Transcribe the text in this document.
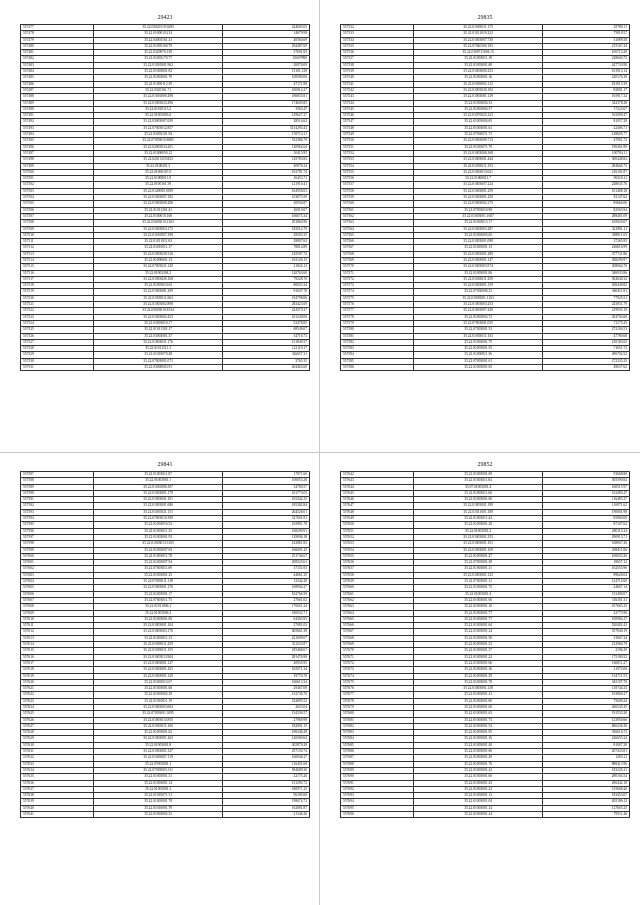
29423
557477	35.22.03020119.0285	224605.03
557478	35.22.0100010.214	14679.99
557479	35.22.04003161.41	40560.69
557480	35.22.01003160.79	294487.69
557481	35.22.0320070.158	57691.65
557482	35.22.01003170.77	25607890
557483	35.22.01010001.962	20070.09
557484	35.22.01003001.82	13101.129
557485	35.22.01003001.79	108580.06
557486	35.22.01000112.39	47171.88
557487	35.22.0320161.71	106914.27
557488	35.22.01016000.298	186835.81
557489	35.22.01003023.296	174605.85
557490	35.22.01010113.2	3563.47
557491	35.22.01003003.6	129627.27
557492	35.22.03003007.639	28514.63
557493	35.22.07003012.857	3154293.43
557494	35.22.03003101.94	139713.11
557495	35.22.07003010.8685	532386.79
557496	35.22.02003034.201	120962.64
557497	35.22.01000050.12	30415.95
557498	35.22.02011319.823	145783.83
557499	35.22.0100301.3	40976.34
557500	35.22.01000167.0	102781.74
557501	35.22.01000011.8	16453.71
557502	35.22.0100161.59	121910.41
557503	35.22.0120000.1009	164958.03
557504	35.22.01003007.182	103875.59
557505	35.22.01003000.286	30934.87
557506	35.22.01011301.41	26919.07
557507	35.22.0100010.168	166675.34
557508	35.22.03003010.2163	291864.96
557509	35.22.01003004.175	183512.79
557510	35.22.01010007.399	29503.35
557511	35.22.01011011.63	39807.63
557512	35.22.03010011.17	78014.89
557513	35.22.01003030.316	145507.72
557514	35.22.01000601.13	163126.15
557515	35.22.07003021.120	21824.13
557516	35.22.01003304.2	120763.60
557517	35.22.01003026.168	79228.70
557518	35.22.01003010.63	80653.34
557519	35.22.01003081.299	91047.70
557520	35.22.01003011.663	194798.06
557521	35.22.01003002.898	283423.69
557522	35.22.03003010.8134	224570.37
557523	35.22.01003002.433	101249.06
557524	35.22.03003010.17	33478.85
557525	35.22.01011301.17	68549.07
557526	35.22.03003001.37	34716.73
557527	35.22.01003031.176	151849.37
557528	35.22.01011311.3	121119.17
557529	35.22.01010070.48	326657.31
557530	35.22.07003001.071	3765.35
557531	35.22.03000003.91	204463.60
29835
557532	35.22.01003011.175	35780.11
557533	35.22.01011019.232	75818.57
557534	35.22.01003007.730	31089.58
557535	35.22.07040300.183	215167.44
557536	35.22.0100711004.15	106713.20
557537	35.22.01003011.18	228604.75
557538	35.22.01003001.68	247733.90
557539	35.22.01003000.253	161913.14
557540	35.22.01003001.16	220176.39
557541	35.22.01003002.112	181915.39
557542	35.22.01003030.182	82801.17
557543	35.22.01003001.149	165917.32
557544	35.22.01003004.33	342378.28
557545	35.22.01003004.57	17223.67
557546	35.22.01070025.223	165009.47
557547	35.22.01003004.65	81057.28
557548	35.22.01003001.61	22406.71
557549	35.22.07030071.73	128605.77
557550	35.22.01003000.713	47001.73
557551	35.22.01010071.79	196361.89
557552	35.22.01003006.368	100784.11
557553	35.22.01003001.444	300448.82
557554	35.22.01003011.353	284666.75
557555	35.22.01003013.621	216101.87
557556	35.22.01000011.7	96316.11
557557	35.22.01003007.224	248635.76
557558	35.22.01003001.259	101408.18
557559	35.22.01003001.250	81147.62
557560	35.22.01003002.275	85666.06
557561	35.22.07003010.89	82565.94
557562	35.22.01003001.1607	288401.09
557563	35.22.01003013.17	169920.07
557564	35.22.01003003.287	321981.11
557565	35.22.01003003.65	308811.65
557566	35.22.01003001.098	37265.95
557567	35.22.01003001.13	226616.99
557568	35.22.01003001.289	377731.86
557569	35.22.01003001.147	308299.97
557570	35.22.01003003.974	308064.70
557571	35.22.01003001.06	346933.86
557572	35.22.01003011.259	304640.32
557573	35.22.01003001.159	308449.82
557574	35.22.07030006.23	360411.81
557575	35.22.01003001.1163	77925.51
557576	35.22.01003003.253	225831.79
557577	35.22.01003007.449	219935.19
557578	35.22.01003003.73	204704.68
557579	35.22.07003001.035	71175.43
557580	35.22.07003001.53	272104.53
557581	35.22.01003011.103	47780.68
557582	35.22.01003001.75	210183.65
557583	35.22.01003001.55	71651.72
557584	35.22.01000011.36	496702.52
557585	35.22.07003001.61	272335.25
557586	35.22.01003001.65	49037.62
29841
557587	35.22.01003011.87	17871.60
557588	35.22.01003001.1	100053.28
557589	35.22.01010006.307	34769.57
557590	35.22.01003001.179	101773.05
557591	35.22.01003001.101	165442.25
557592	35.22.01003001.686	185282.84
557593	35.22.01010021.151	264526.61
557594	35.22.07003010.390	327601.81
557595	35.22.01003016.52	165891.78
557596	35.22.01003011.35	168290.91
557597	35.22.01003001.93	129006.18
557598	35.22.01003013.3105	143861.83
557599	35.22.01003007.63	166691.43
557600	35.22.01003011.78	251746.67
557601	35.22.01003007.94	208523.61
557602	35.22.07003011.69	37151.03
557603	35.22.01003001.23	44661.35
557604	35.22.07003011.118	12342.28
557605	35.22.01003001.176	168904.27
557606	35.22.01003001.17	162766.59
557607	35.22.07003011.75	27661.02
557608	35.22.01011006.1	176651.24
557609	35.22.01003006.3	180022.71
557610	35.22.01003001.00	64363.93
557611	35.22.01003001.104	27081.03
557612	35.22.01003063.176	665661.38
557613	35.22.01003011.13	221609.07
557614	35.22.01003011.259	311233.87
557615	35.22.01003011.155	185468.67
557616	35.22.01003013.904	281476.98
557617	35.22.01003001.127	20935.95
557618	35.22.01003001.203	165071.34
557619	35.22.01003001.120	19774.70
557620	35.22.01003013.67	166613.34
557621	35.22.01003001.66	29467.69
557622	35.22.01003002.18	152745.70
557623	35.22.01010011.19	234095.52
557624	35.22.01003003.604	2623.04
557625	35.22.07003001.3095	154336.57
557626	35.22.01003013.855	27969.99
557627	35.22.01010011.166	182901.15
557628	35.22.01003001.62	196346.28
557629	35.22.01003001.263	126569.64
557630	35.22.01003001.8	305879.28
557631	35.22.01003001.327	257133.74
557632	35.22.01003007.119	166946.37
557633	35.22.07003001.1	116451.68
557634	35.22.07003003.311	584689.30
557635	35.22.01003001.31	22175.26
557636	35.22.01003001.14	131294.72
557637	35.22.01003001.3	180971.35
557638	35.22.01010071.31	96185.60
557639	35.22.01003001.78	198674.71
557640	35.22.01010001.79	162081.87
557641	35.22.01003002.52	21346.26
29852
557642	35.22.01003001.69	93668.80
557643	35.22.01003011.84	505590.82
557644	35.07.01003001.4	160515.97
557645	35.22.01003011.60	162483.47
557646	35.22.01003001.60	116483.37
557647	35.22.01003001.199	116971.62
557648	35.22.01011001.108	190801.98
557649	35.22.01003011.44	85960.69
557650	35.22.01003001.20	87107.62
557651	35.22.01003001.2	280115.24
557652	35.22.01003001.353	290913.71
557653	35.22.01003001.101	168067.26
557654	35.22.01003001.169	208411.06
557655	35.22.01003001.27	160653.26
557656	35.22.07003001.38	18657.12
557657	35.22.01003001.11	162555.96
557658	35.22.01003001.123	89626.04
557659	35.22.07003001.11	124714.60
557660	35.22.01003001.75	24667.14
557661	35.22.01003001.4	153490.07
557662	35.22.01003001.06	316301.31
557663	35.22.01003001.16	107665.25
557664	35.22.01003001.77	22773.96
557665	35.22.01003001.77	100984.27
557666	35.22.01003001.64	520402.43
557667	35.22.01003001.24	557940.19
557668	35.22.01003001.58	13667.24
557669	35.22.01003001.53	212966.79
557670	35.22.01003001.37	2196.29
557671	35.22.01003001.22	175180.52
557672	35.22.01003001.66	166011.27
557673	35.22.01003001.36	21972.06
557674	35.22.01003001.39	134711.53
557675	35.22.01003001.78	345107.70
557676	35.22.01003001.138	118744.33
557677	35.22.01003001.41	103860.27
557678	35.22.01003001.80	75600.24
557679	35.22.01003001.60	266545.45
557680	35.22.01003001.63	191533.20
557681	35.22.01003001.75	123050.66
557682	35.22.01003001.54	606236.30
557683	35.22.01003001.95	356616.72
557684	35.22.01003001.16	226655.24
557685	35.22.01003001.40	81007.28
557686	35.22.01003001.66	207433.81
557687	35.22.01003001.29	1265.21
557688	35.22.01003001.76	888413.96
557689	35.22.01003001.42	183245.21
557690	35.22.01003001.60	280104.54
557691	35.22.01003001.43	206442.18
557692	35.22.01003001.23	155668.20
557693	35.22.01003001.13	183453.67
557694	35.22.01003001.04	205186.13
557695	35.22.01003001.14	127665.25
557696	35.22.01003001.24	79511.46
